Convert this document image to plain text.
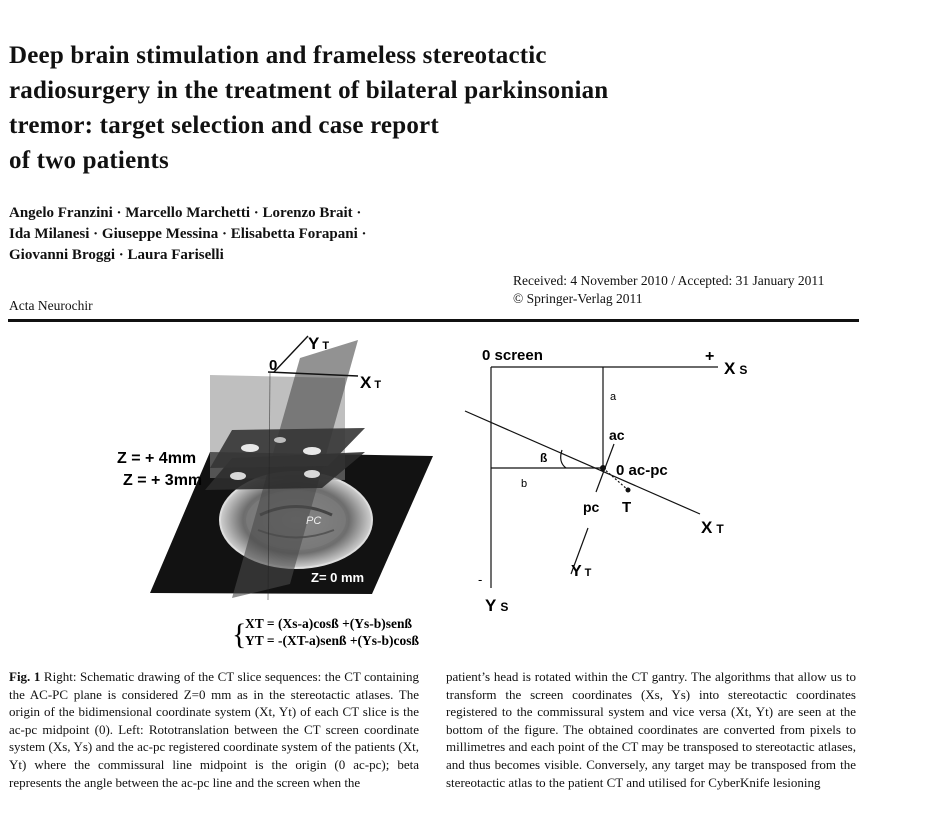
Deep brain stimulation and frameless stereotactic
radiosurgery in the treatment of bilateral parkinsonian
tremor: target selection and case report
of two patients
Angelo Franzini · Marcello Marchetti · Lorenzo Brait ·
Ida Milanesi · Giuseppe Messina · Elisabetta Forapani ·
Giovanni Broggi · Laura Fariselli
Received: 4 November 2010 / Accepted: 31 January 2011
© Springer-Verlag 2011
Acta Neurochir
0
Y T
X T
Z = + 4mm
Z = + 3mm
Z= 0 mm
PC
0 screen	+
X S
a
ac
ß
0 ac-pc
b
pc T
X T
Y T
-
Y S
{
XT = (Xs-a)cosß +(Ys-b)senß
YT = -(XT-a)senß +(Ys-b)cosß
Fig. 1 Right: Schematic drawing of the CT slice sequences: the CT containing the AC-PC plane is considered Z=0 mm as in the stereotactic atlases. The origin of the bidimensional coordinate system (Xt, Yt) of each CT slice is the ac-pc midpoint (0). Left: Rototranslation between the CT screen coordinate system (Xs, Ys) and the ac-pc registered coordinate system of the patients (Xt, Yt) where the commissural line midpoint is the origin (0 ac-pc); beta represents the angle between the ac-pc line and the screen when the
patient’s head is rotated within the CT gantry. The algorithms that allow us to transform the screen coordinates (Xs, Ys) into stereotactic coordinates registered to the commissural system and vice versa (Xt, Yt) are seen at the bottom of the figure. The obtained coordinates are converted from pixels to millimetres and each point of the CT may be transposed to stereotactic atlases, and thus becomes visible. Conversely, any target may be transposed from the stereotactic atlas to the patient CT and utilised for CyberKnife lesioning
